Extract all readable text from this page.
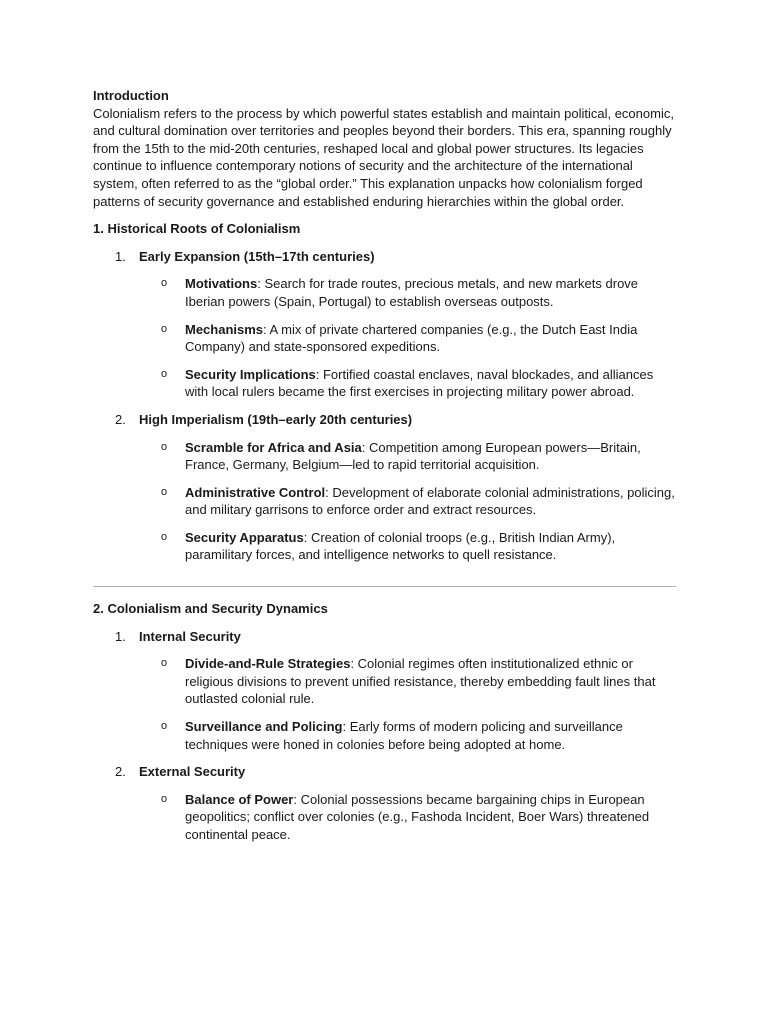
Introduction

Colonialism refers to the process by which powerful states establish and maintain political, economic, and cultural domination over territories and peoples beyond their borders. This era, spanning roughly from the 15th to the mid-20th centuries, reshaped local and global power structures. Its legacies continue to influence contemporary notions of security and the architecture of the international system, often referred to as the “global order.” This explanation unpacks how colonialism forged patterns of security governance and established enduring hierarchies within the global order.

1. Historical Roots of Colonialism

1.	Early Expansion (15th–17th centuries)
o	Motivations: Search for trade routes, precious metals, and new markets drove Iberian powers (Spain, Portugal) to establish overseas outposts.
o	Mechanisms: A mix of private chartered companies (e.g., the Dutch East India Company) and state-sponsored expeditions.
o	Security Implications: Fortified coastal enclaves, naval blockades, and alliances with local rulers became the first exercises in projecting military power abroad.
2.	High Imperialism (19th–early 20th centuries)
o	Scramble for Africa and Asia: Competition among European powers—Britain, France, Germany, Belgium—led to rapid territorial acquisition.
o	Administrative Control: Development of elaborate colonial administrations, policing, and military garrisons to enforce order and extract resources.
o	Security Apparatus: Creation of colonial troops (e.g., British Indian Army), paramilitary forces, and intelligence networks to quell resistance.

2. Colonialism and Security Dynamics

1.	Internal Security
o	Divide-and-Rule Strategies: Colonial regimes often institutionalized ethnic or religious divisions to prevent unified resistance, thereby embedding fault lines that outlasted colonial rule.
o	Surveillance and Policing: Early forms of modern policing and surveillance techniques were honed in colonies before being adopted at home.
2.	External Security
o	Balance of Power: Colonial possessions became bargaining chips in European geopolitics; conflict over colonies (e.g., Fashoda Incident, Boer Wars) threatened continental peace.
